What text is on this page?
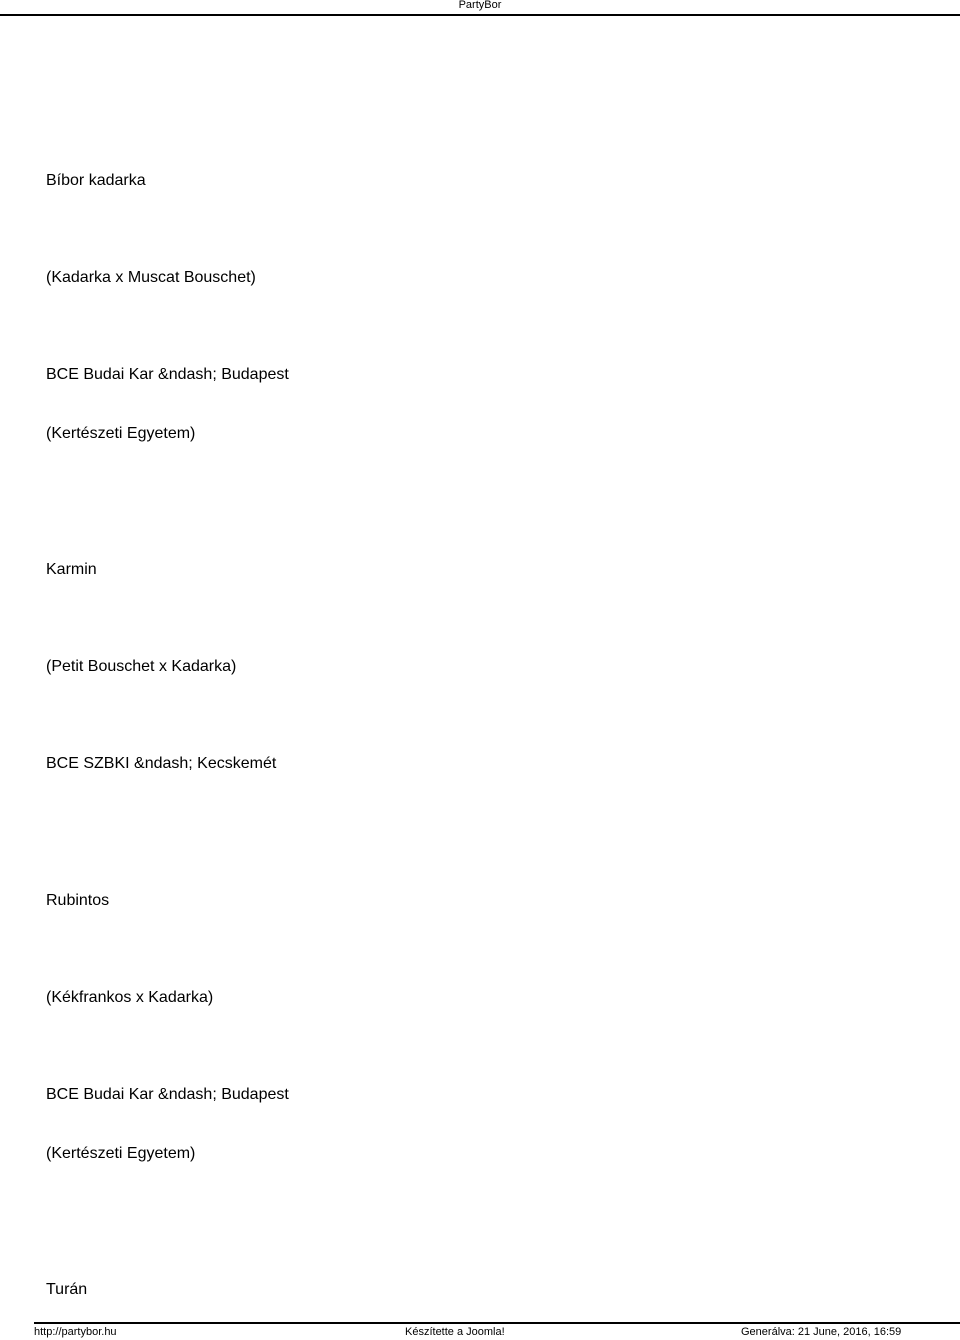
PartyBor
Bíbor kadarka
(Kadarka x Muscat Bouschet)
BCE Budai Kar &ndash; Budapest
(Kertészeti Egyetem)
Karmin
(Petit Bouschet x Kadarka)
BCE SZBKI &ndash; Kecskemét
Rubintos
(Kékfrankos x Kadarka)
BCE Budai Kar &ndash; Budapest
(Kertészeti Egyetem)
Turán
http://partybor.hu	Készítette a Joomla!	Generálva: 21 June, 2016, 16:59
